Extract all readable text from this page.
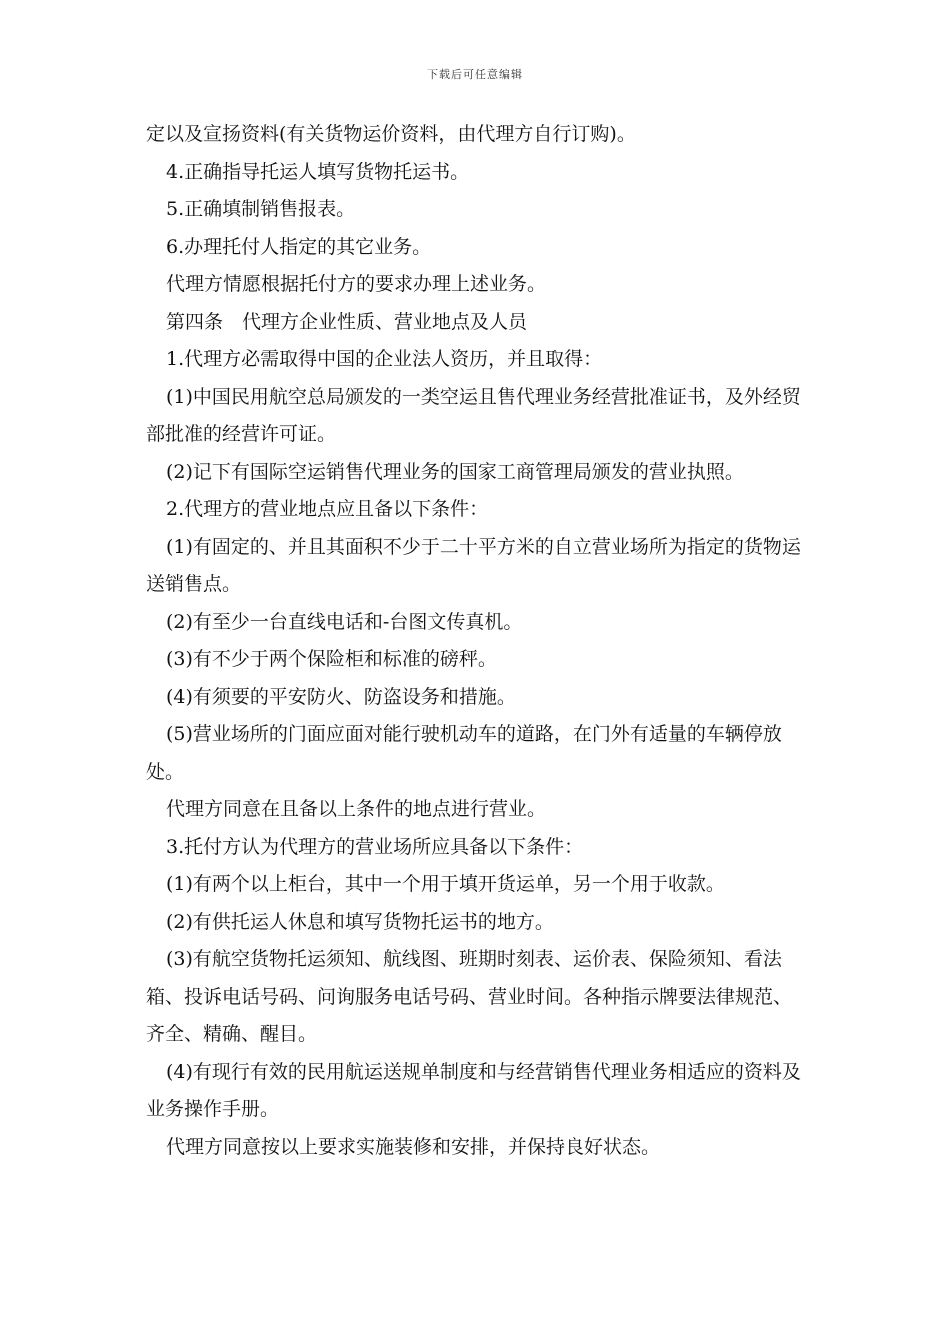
下载后可任意编辑

定以及宣扬资料(有关货物运价资料，由代理方自行订购)。

4.正确指导托运人填写货物托运书。

5.正确填制销售报表。

6.办理托付人指定的其它业务。

代理方情愿根据托付方的要求办理上述业务。

第四条　代理方企业性质、营业地点及人员

1.代理方必需取得中国的企业法人资历，并且取得：

(1)中国民用航空总局颁发的一类空运且售代理业务经营批准证书，及外经贸部批准的经营许可证。

(2)记下有国际空运销售代理业务的国家工商管理局颁发的营业执照。

2.代理方的营业地点应且备以下条件：

(1)有固定的、并且其面积不少于二十平方米的自立营业场所为指定的货物运送销售点。

(2)有至少一台直线电话和-台图文传真机。

(3)有不少于两个保险柜和标准的磅秤。

(4)有须要的平安防火、防盗设务和措施。

(5)营业场所的门面应面对能行驶机动车的道路，在门外有适量的车辆停放处。

代理方同意在且备以上条件的地点进行营业。

3.托付方认为代理方的营业场所应具备以下条件：

(1)有两个以上柜台，其中一个用于填开货运单，另一个用于收款。

(2)有供托运人休息和填写货物托运书的地方。

(3)有航空货物托运须知、航线图、班期时刻表、运价表、保险须知、看法箱、投诉电话号码、问询服务电话号码、营业时间。各种指示牌要法律规范、齐全、精确、醒目。

(4)有现行有效的民用航运送规单制度和与经营销售代理业务相适应的资料及业务操作手册。

代理方同意按以上要求实施装修和安排，并保持良好状态。
